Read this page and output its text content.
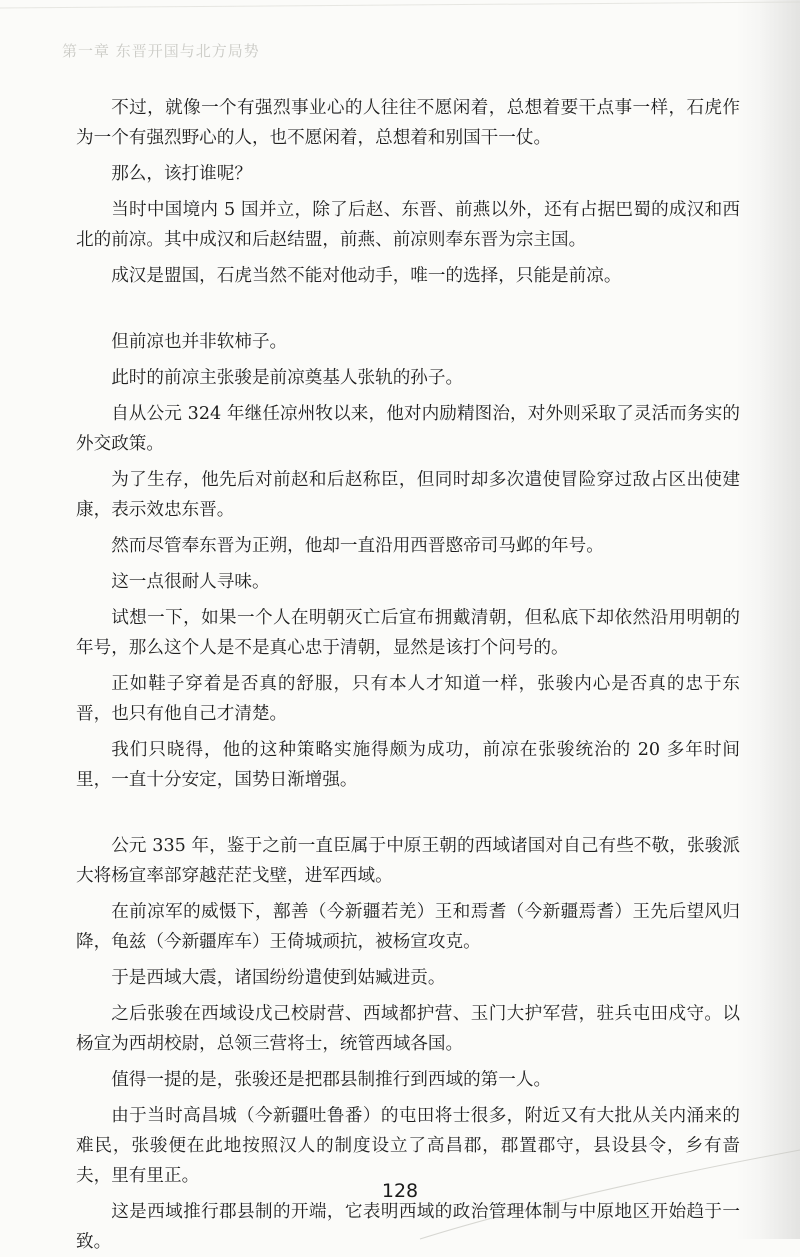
第一章 东晋开国与北方局势

不过，就像一个有强烈事业心的人往往不愿闲着，总想着要干点事一样，石虎作为一个有强烈野心的人，也不愿闲着，总想着和别国干一仗。

那么，该打谁呢？

当时中国境内 5 国并立，除了后赵、东晋、前燕以外，还有占据巴蜀的成汉和西北的前凉。其中成汉和后赵结盟，前燕、前凉则奉东晋为宗主国。

成汉是盟国，石虎当然不能对他动手，唯一的选择，只能是前凉。

但前凉也并非软柿子。

此时的前凉主张骏是前凉奠基人张轨的孙子。

自从公元 324 年继任凉州牧以来，他对内励精图治，对外则采取了灵活而务实的外交政策。

为了生存，他先后对前赵和后赵称臣，但同时却多次遣使冒险穿过敌占区出使建康，表示效忠东晋。

然而尽管奉东晋为正朔，他却一直沿用西晋愍帝司马邺的年号。

这一点很耐人寻味。

试想一下，如果一个人在明朝灭亡后宣布拥戴清朝，但私底下却依然沿用明朝的年号，那么这个人是不是真心忠于清朝，显然是该打个问号的。

正如鞋子穿着是否真的舒服，只有本人才知道一样，张骏内心是否真的忠于东晋，也只有他自己才清楚。

我们只晓得，他的这种策略实施得颇为成功，前凉在张骏统治的 20 多年时间里，一直十分安定，国势日渐增强。

公元 335 年，鉴于之前一直臣属于中原王朝的西域诸国对自己有些不敬，张骏派大将杨宣率部穿越茫茫戈壁，进军西域。

在前凉军的威慑下，鄯善（今新疆若羌）王和焉耆（今新疆焉耆）王先后望风归降，龟兹（今新疆库车）王倚城顽抗，被杨宣攻克。

于是西域大震，诸国纷纷遣使到姑臧进贡。

之后张骏在西域设戊己校尉营、西域都护营、玉门大护军营，驻兵屯田戍守。以杨宣为西胡校尉，总领三营将士，统管西域各国。

值得一提的是，张骏还是把郡县制推行到西域的第一人。

由于当时高昌城（今新疆吐鲁番）的屯田将士很多，附近又有大批从关内涌来的难民，张骏便在此地按照汉人的制度设立了高昌郡，郡置郡守，县设县令，乡有啬夫，里有里正。

这是西域推行郡县制的开端，它表明西域的政治管理体制与中原地区开始趋于一致。

128
